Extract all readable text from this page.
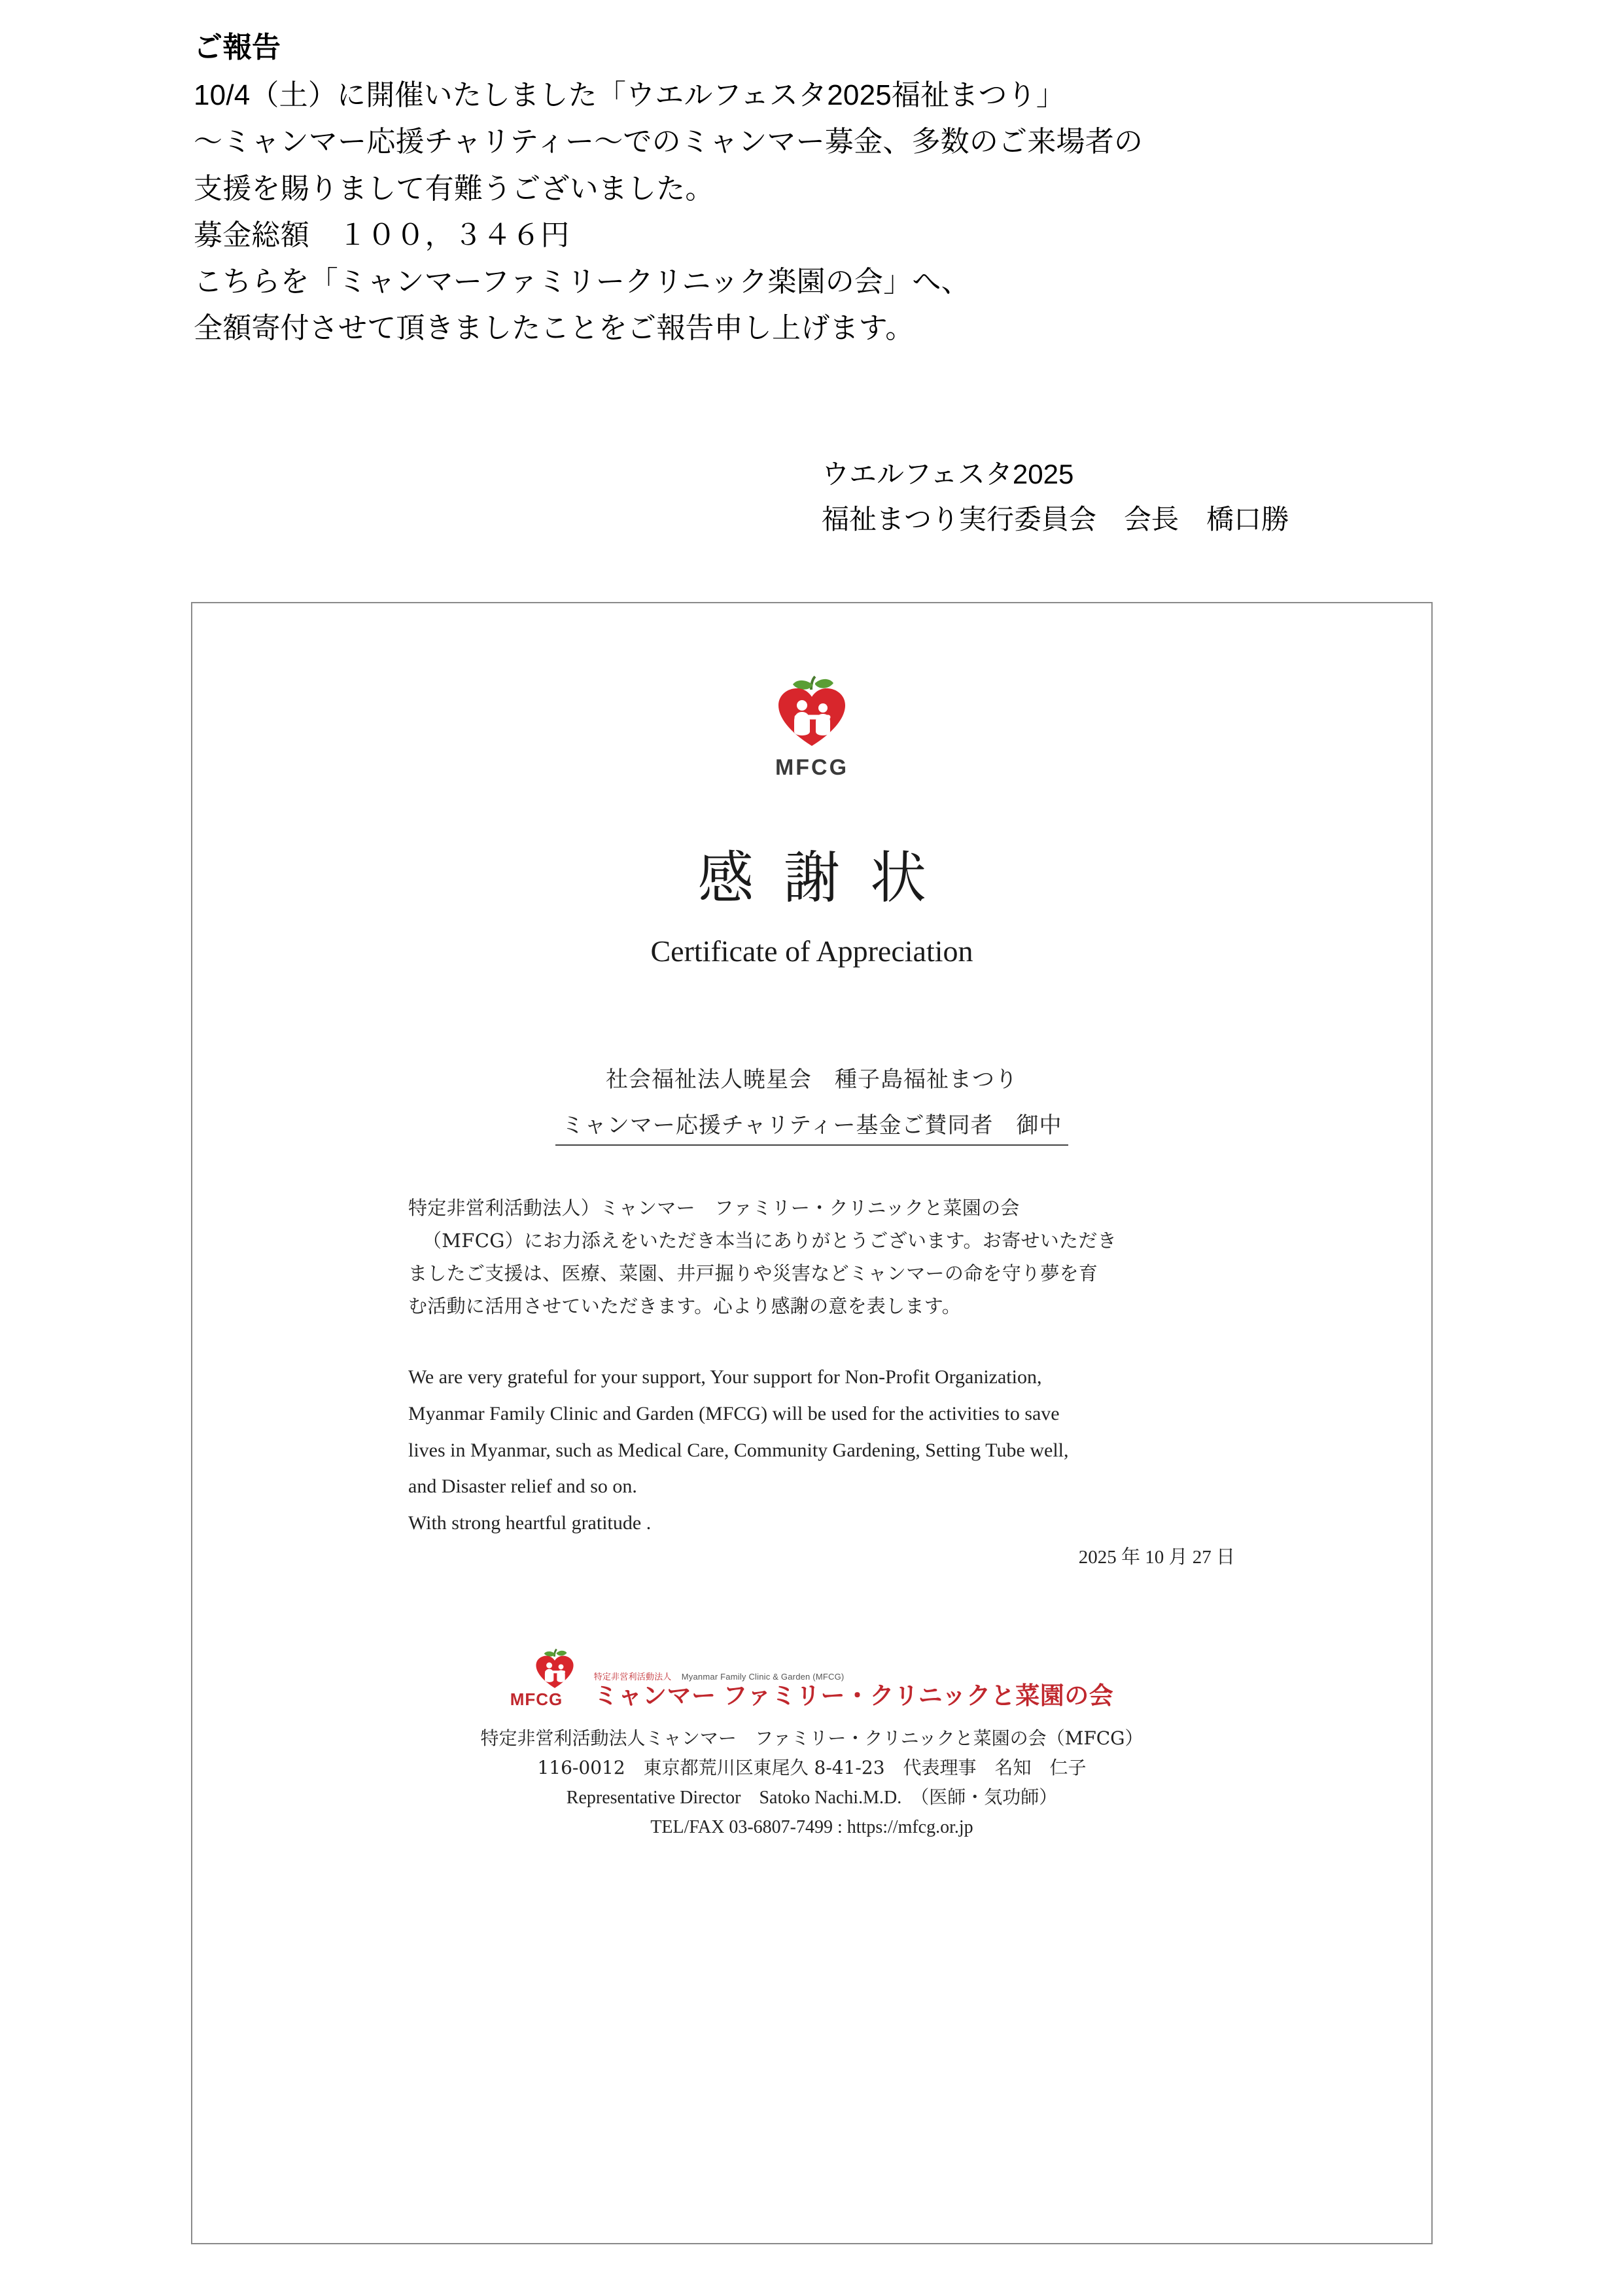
ご報告
10/4（土）に開催いたしました「ウエルフェスタ2025福祉まつり」
～ミャンマー応援チャリティー～でのミャンマー募金、多数のご来場者の
支援を賜りまして有難うございました。
募金総額　１００，３４６円
こちらを「ミャンマーファミリークリニック楽園の会」へ、
全額寄付させて頂きましたことをご報告申し上げます。
ウエルフェスタ2025
福祉まつり実行委員会　会長　橋口勝
MFCG
感謝状
Certificate of Appreciation
社会福祉法人暁星会　種子島福祉まつり
ミャンマー応援チャリティー基金ご賛同者　御中

特定非営利活動法人）ミャンマー　ファミリー・クリニックと菜園の会

（MFCG）にお力添えをいただき本当にありがとうございます。お寄せいただき

ましたご支援は、医療、菜園、井戸掘りや災害などミャンマーの命を守り夢を育

む活動に活用させていただきます。心より感謝の意を表します。

We are very grateful for your support, Your support for Non-Profit Organization,

Myanmar Family Clinic and Garden (MFCG) will be used for the activities to save

lives in Myanmar, such as Medical Care, Community Gardening, Setting Tube well,

and Disaster relief and so on.

With strong heartful gratitude .

2025 年 10 月 27 日
MFCG
特定非営利活動法人 Myanmar Family Clinic & Garden (MFCG)
ミャンマー ファミリー・クリニックと菜園の会
特定非営利活動法人ミャンマー　ファミリー・クリニックと菜園の会（MFCG）
116-0012　東京都荒川区東尾久 8-41-23　代表理事　名知　仁子
Representative Director　Satoko Nachi.M.D.　（医師・気功師）
TEL/FAX 03-6807-7499 : https://mfcg.or.jp
